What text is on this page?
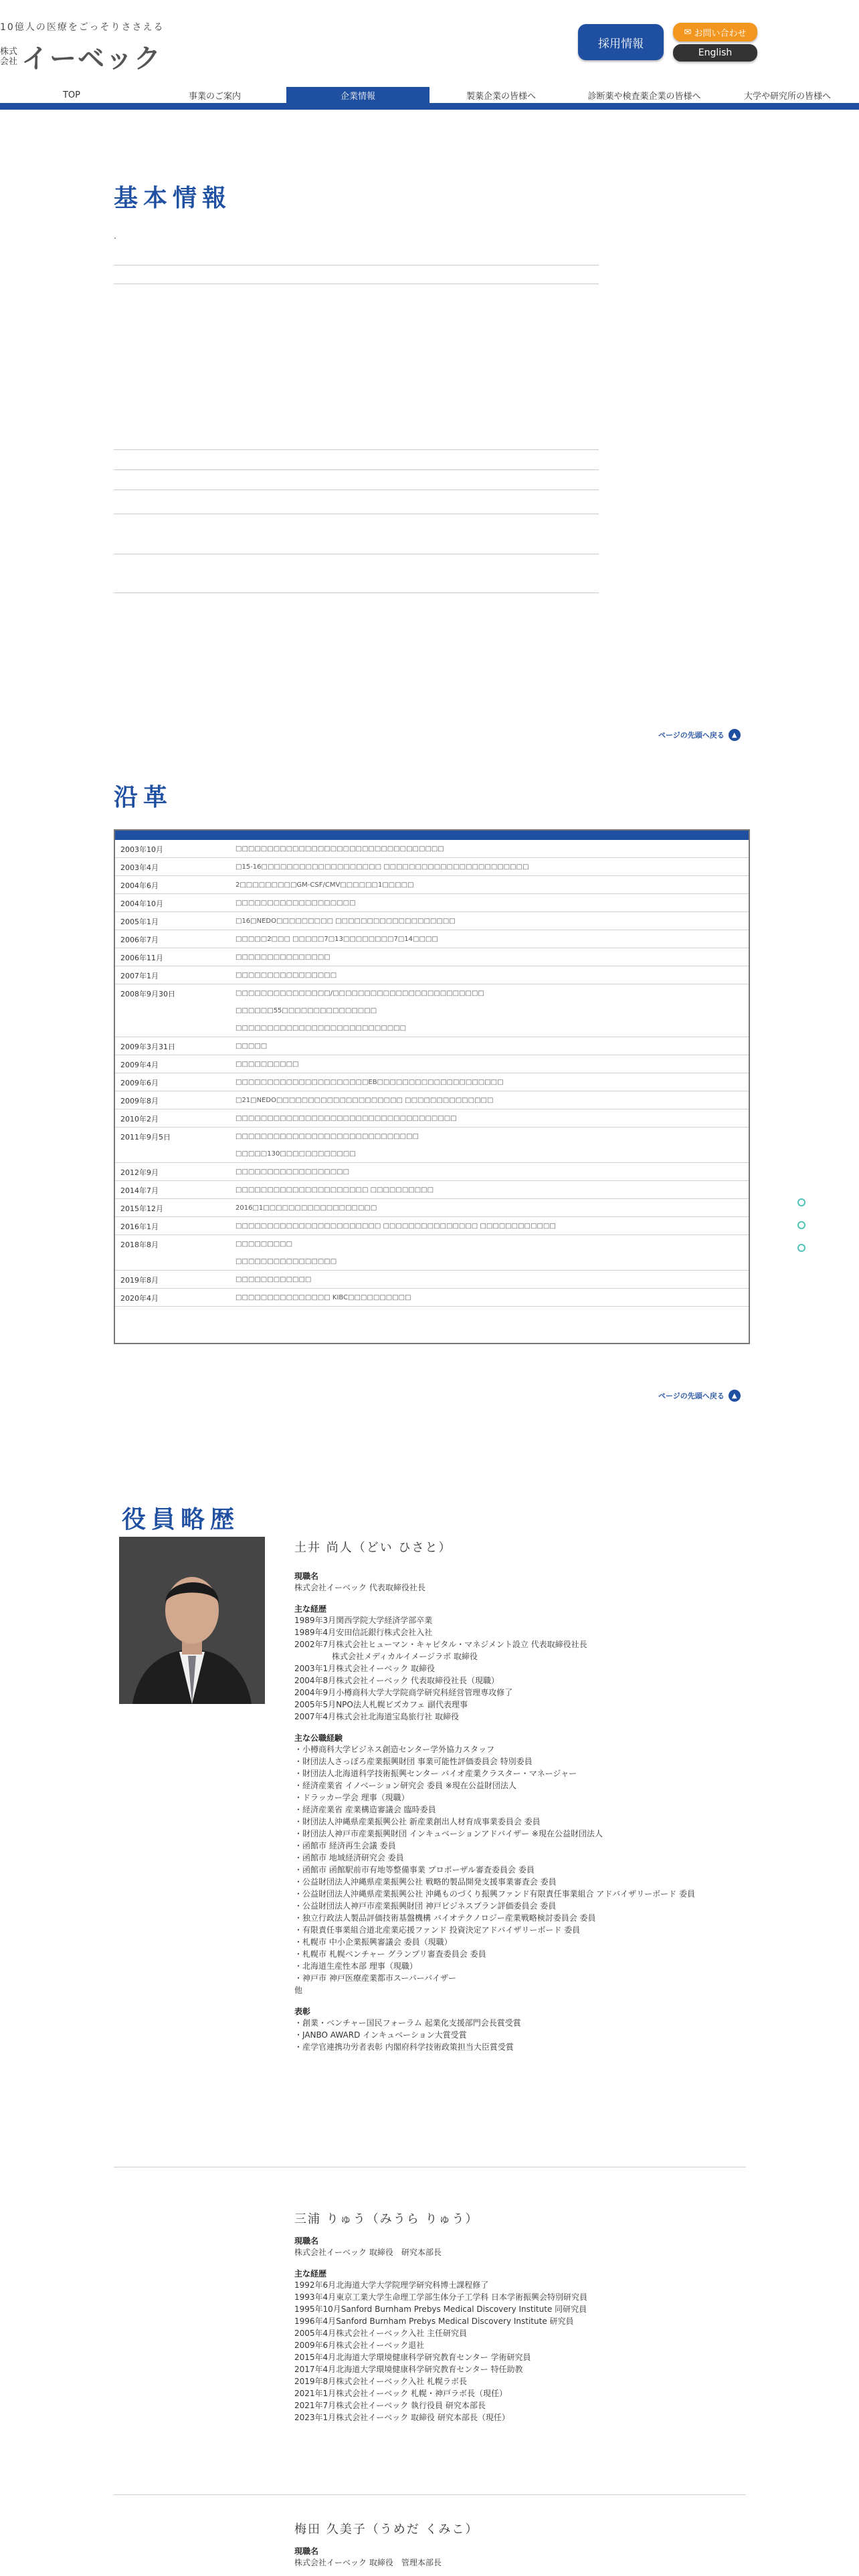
10億人の医療をごっそりささえる
株式会社 イーベック	採用情報
✉ お問い合わせ
English
TOP	事業のご案内	企業情報	製薬企業の皆様へ	診断薬や検査薬企業の皆様へ	大学や研究所の皆様へ
基本情報
.
ページの先頭へ戻る	▲
沿革
2003年10月	□□□□□□□□□□□□□□□□□□□□□□□□□□□□□□□□□
2003年4月	□15-16□□□□□□□□□□□□□□□□□□□ □□□□□□□□□□□□□□□□□□□□□□□
2004年6月	2□□□□□□□□□GM-CSF/CMV□□□□□□1□□□□□
2004年10月	□□□□□□□□□□□□□□□□□□□
2005年1月	□16□NEDO□□□□□□□□□ □□□□□□□□□□□□□□□□□□□
2006年7月	□□□□□2□□□ □□□□□7□13□□□□□□□□7□14□□□□
2006年11月	□□□□□□□□□□□□□□□
2007年1月	□□□□□□□□□□□□□□□□
2008年9月30日	□□□□□□□□□□□□□□□/□□□□□□□□□□□□□□□□□□□□□□□□
□□□□□□55□□□□□□□□□□□□□□□
□□□□□□□□□□□□□□□□□□□□□□□□□□□
2009年3月31日	□□□□□
2009年4月	□□□□□□□□□□
2009年6月	□□□□□□□□□□□□□□□□□□□□□EB□□□□□□□□□□□□□□□□□□□□
2009年8月	□21□NEDO□□□□□□□□□□□□□□□□□□□□ □□□□□□□□□□□□□□
2010年2月	□□□□□□□□□□□□□□□□□□□□□□□□□□□□□□□□□□□
2011年9月5日	□□□□□□□□□□□□□□□□□□□□□□□□□□□□□
□□□□□130□□□□□□□□□□□□
2012年9月	□□□□□□□□□□□□□□□□□□
2014年7月	□□□□□□□□□□□□□□□□□□□□□ □□□□□□□□□□
2015年12月	2016□1□□□□□□□□□□□□□□□□□□
2016年1月	□□□□□□□□□□□□□□□□□□□□□□□ □□□□□□□□□□□□□□□ □□□□□□□□□□□□
2018年8月	□□□□□□□□□
□□□□□□□□□□□□□□□□
2019年8月	□□□□□□□□□□□□
2020年4月	□□□□□□□□□□□□□□□ KIBC□□□□□□□□□□
ページの先頭へ戻る	▲
役員略歴
土井 尚人（どい ひさと）
現職名
株式会社イーベック 代表取締役社長
主な経歴
1989年3月関西学院大学経済学部卒業
1989年4月安田信託銀行株式会社入社
2002年7月株式会社ヒューマン・キャピタル・マネジメント設立 代表取締役社長
株式会社メディカルイメージラボ 取締役
2003年1月株式会社イーベック 取締役
2004年8月株式会社イーベック 代表取締役社長（現職）
2004年9月小樽商科大学大学院商学研究科経営管理専攻修了
2005年5月NPO法人札幌ビズカフェ 副代表理事
2007年4月株式会社北海道宝島旅行社 取締役
主な公職経験
・小樽商科大学ビジネス創造センター学外協力スタッフ
・財団法人さっぽろ産業振興財団 事業可能性評価委員会 特別委員
・財団法人北海道科学技術振興センター バイオ産業クラスター・マネージャー
・経済産業省 イノベーション研究会 委員 ※現在公益財団法人
・ドラッカー学会 理事（現職）
・経済産業省 産業構造審議会 臨時委員
・財団法人沖縄県産業振興公社 新産業創出人材育成事業委員会 委員
・財団法人神戸市産業振興財団 インキュベーションアドバイザー ※現在公益財団法人
・函館市 経済再生会議 委員
・函館市 地域経済研究会 委員
・函館市 函館駅前市有地等整備事業 プロポーザル審査委員会 委員
・公益財団法人沖縄県産業振興公社 戦略的製品開発支援事業審査会 委員
・公益財団法人沖縄県産業振興公社 沖縄ものづくり振興ファンド有限責任事業組合 アドバイザリーボード 委員
・公益財団法人神戸市産業振興財団 神戸ビジネスプラン評価委員会 委員
・独立行政法人製品評価技術基盤機構 バイオテクノロジー産業戦略検討委員会 委員
・有限責任事業組合道北産業応援ファンド 投資決定アドバイザリーボード 委員
・札幌市 中小企業振興審議会 委員（現職）
・札幌市 札幌ベンチャー グランプリ審査委員会 委員
・北海道生産性本部 理事（現職）
・神戸市 神戸医療産業都市スーパーバイザー
他
表彰
・創業・ベンチャー国民フォーラム 起業化支援部門会長賞受賞
・JANBO AWARD インキュベーション大賞受賞
・産学官連携功労者表彰 内閣府科学技術政策担当大臣賞受賞
三浦 りゅう（みうら りゅう）
現職名
株式会社イーベック 取締役　研究本部長
主な経歴
1992年6月北海道大学大学院理学研究科博士課程修了
1993年4月東京工業大学生命理工学部生体分子工学科 日本学術振興会特別研究員
1995年10月Sanford Burnham Prebys Medical Discovery Institute 同研究員
1996年4月Sanford Burnham Prebys Medical Discovery Institute 研究員
2005年4月株式会社イーベック入社 主任研究員
2009年6月株式会社イーベック退社
2015年4月北海道大学環境健康科学研究教育センター 学術研究員
2017年4月北海道大学環境健康科学研究教育センター 特任助教
2019年8月株式会社イーベック入社 札幌ラボ長
2021年1月株式会社イーベック 札幌・神戸ラボ長（現任）
2021年7月株式会社イーベック 執行役員 研究本部長
2023年1月株式会社イーベック 取締役 研究本部長（現任）
梅田 久美子（うめだ くみこ）
現職名
株式会社イーベック 取締役　管理本部長
